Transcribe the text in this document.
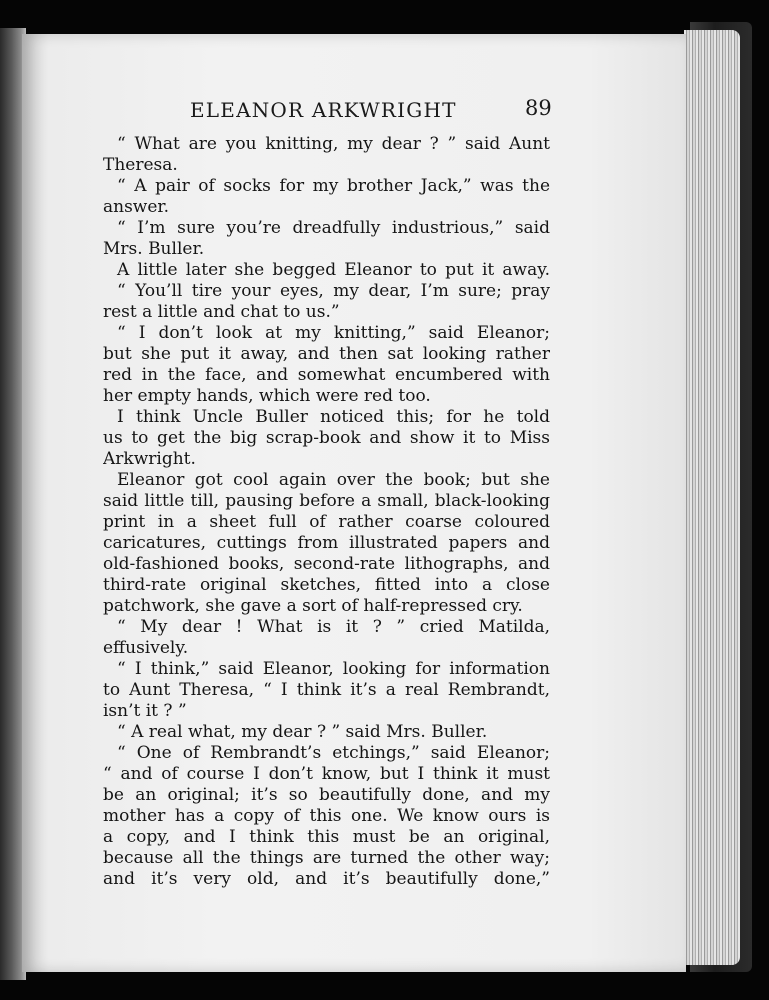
ELEANOR ARKWRIGHT	89
“ What are you knitting, my dear ? ” said Aunt
Theresa.
“ A pair of socks for my brother Jack,” was the
answer.
“ I’m sure you’re dreadfully industrious,” said
Mrs. Buller.
A little later she begged Eleanor to put it away.
“ You’ll tire your eyes, my dear, I’m sure; pray
rest a little and chat to us.”
“ I don’t look at my knitting,” said Eleanor;
but she put it away, and then sat looking rather
red in the face, and somewhat encumbered with
her empty hands, which were red too.
I think Uncle Buller noticed this; for he told
us to get the big scrap-book and show it to Miss
Arkwright.
Eleanor got cool again over the book; but she
said little till, pausing before a small, black-looking
print in a sheet full of rather coarse coloured
caricatures, cuttings from illustrated papers and
old-fashioned books, second-rate lithographs, and
third-rate original sketches, fitted into a close
patchwork, she gave a sort of half-repressed cry.
“ My dear ! What is it ? ” cried Matilda,
effusively.
“ I think,” said Eleanor, looking for information
to Aunt Theresa, “ I think it’s a real Rembrandt,
isn’t it ? ”
“ A real what, my dear ? ” said Mrs. Buller.
“ One of Rembrandt’s etchings,” said Eleanor;
“ and of course I don’t know, but I think it must
be an original; it’s so beautifully done, and my
mother has a copy of this one. We know ours is
a copy, and I think this must be an original,
because all the things are turned the other way;
and it’s very old, and it’s beautifully done,”
